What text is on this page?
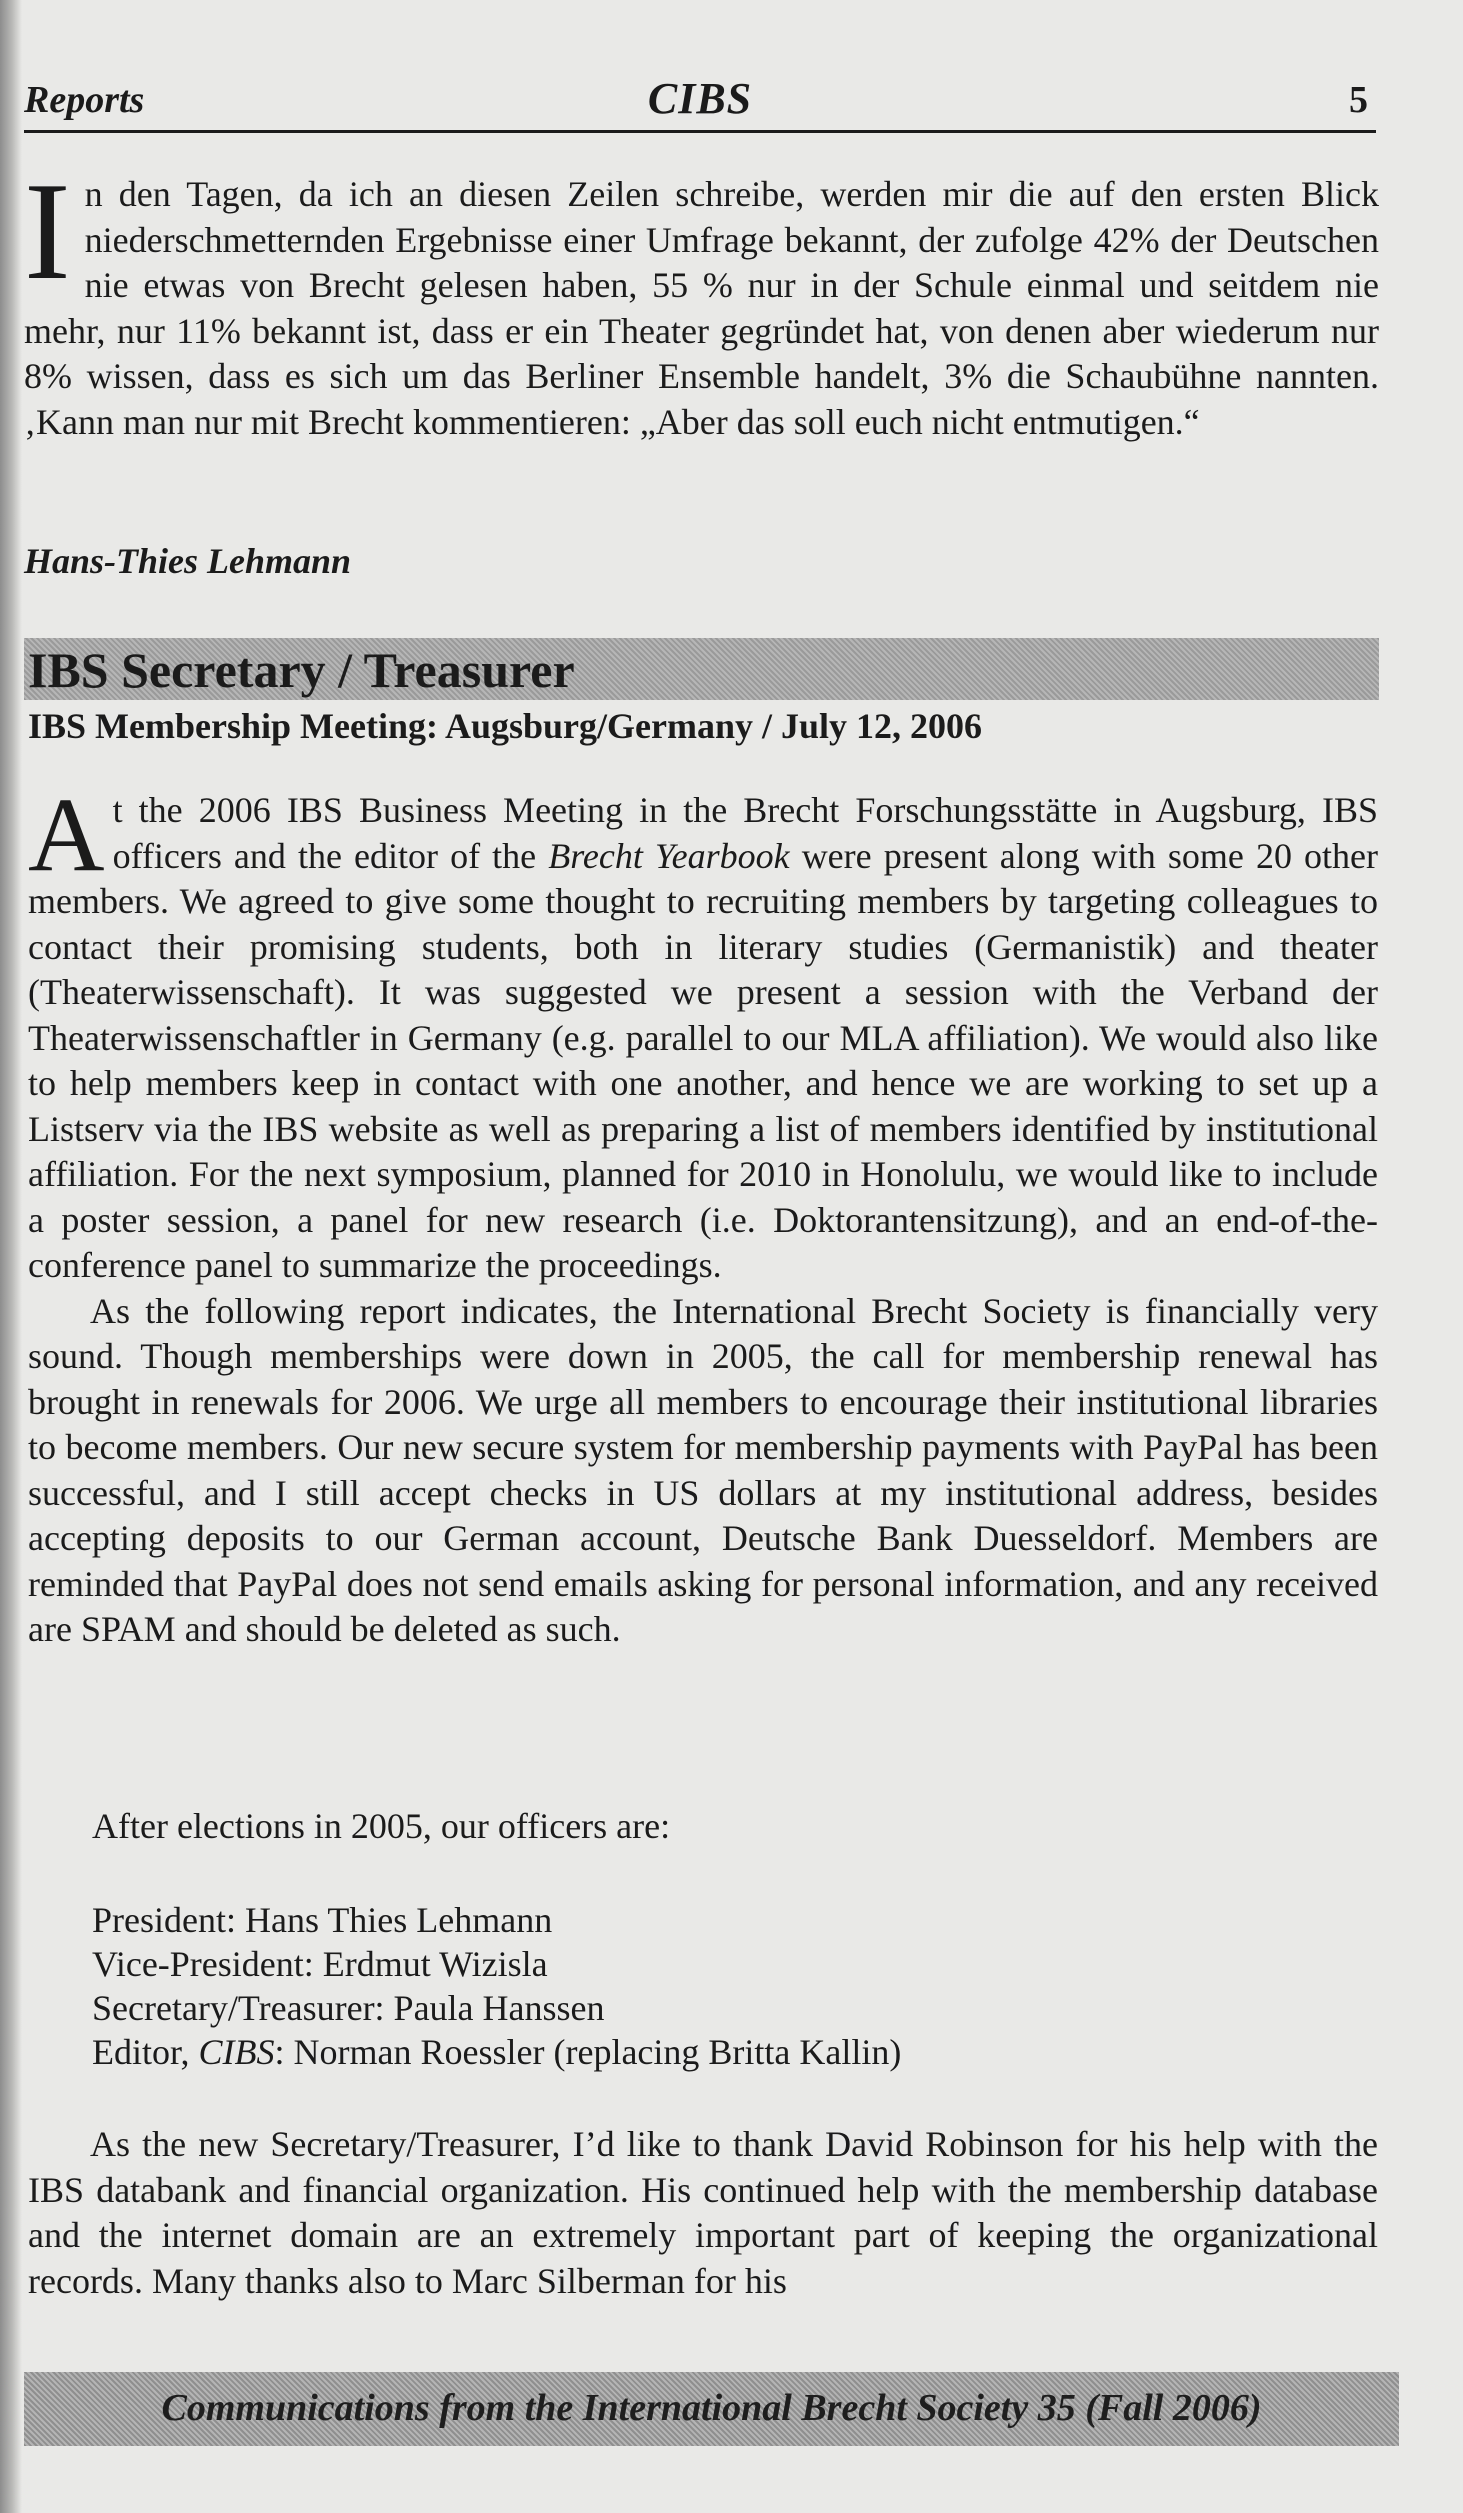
Reports	CIBS	5
In den Tagen, da ich an diesen Zeilen schreibe, werden mir die auf den ersten Blick niederschmetternden Ergebnisse einer Umfrage bekannt, der zufolge 42% der Deutschen nie etwas von Brecht gelesen haben, 55 % nur in der Schule einmal und seitdem nie mehr, nur 11% bekannt ist, dass er ein Theater gegründet hat, von denen aber wiederum nur 8% wissen, dass es sich um das Berliner Ensemble handelt, 3% die Schaubühne nannten.‚Kann man nur mit Brecht kommentieren: „Aber das soll euch nicht entmutigen.“
Hans-Thies Lehmann
IBS Secretary / Treasurer
IBS Membership Meeting: Augsburg/Germany / July 12, 2006

At the 2006 IBS Business Meeting in the Brecht Forschungsstätte in Augsburg, IBS officers and the editor of the Brecht Yearbook were present along with some 20 other members. We agreed to give some thought to recruiting members by targeting colleagues to contact their promising students, both in literary studies (Germanistik) and theater (Theaterwissenschaft). It was suggested we present a session with the Verband der Theaterwissenschaftler in Germany (e.g. parallel to our MLA affiliation). We would also like to help members keep in contact with one another, and hence we are working to set up a Listserv via the IBS website as well as preparing a list of members identified by institutional affiliation. For the next symposium, planned for 2010 in Honolulu, we would like to include a poster session, a panel for new research (i.e. Doktorantensitzung), and an end-of-the-conference panel to summarize the proceedings.

As the following report indicates, the International Brecht Society is financially very sound. Though memberships were down in 2005, the call for membership renewal has brought in renewals for 2006. We urge all members to encourage their institutional libraries to become members. Our new secure system for membership payments with PayPal has been successful, and I still accept checks in US dollars at my institutional address, besides accepting deposits to our German account, Deutsche Bank Duesseldorf. Members are reminded that PayPal does not send emails asking for personal information, and any received are SPAM and should be deleted as such.

After elections in 2005, our officers are:
President: Hans Thies Lehmann
Vice-President: Erdmut Wizisla
Secretary/Treasurer: Paula Hanssen
Editor, CIBS: Norman Roessler (replacing Britta Kallin)

As the new Secretary/Treasurer, I’d like to thank David Robinson for his help with the IBS databank and financial organization. His continued help with the membership database and the internet domain are an extremely important part of keeping the organizational records. Many thanks also to Marc Silberman for his

Communications from the International Brecht Society 35 (Fall 2006)
